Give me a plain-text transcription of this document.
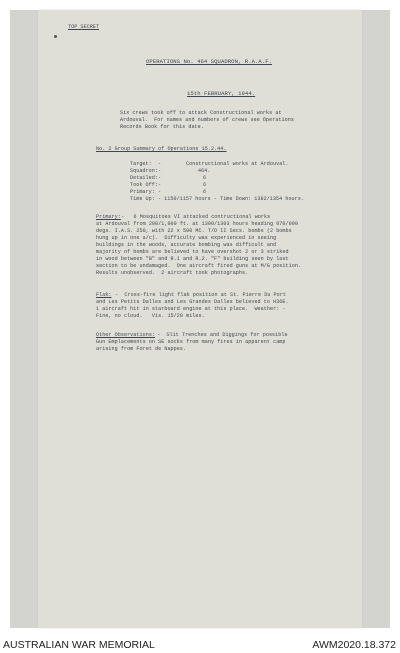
TOP SECRET
OPERATIONS No. 464 SQUADRON, R.A.A.F.
15th FEBRUARY, 1944.
Six crews took off to attack Constructional works at
Ardouval.  For names and numbers of crews see Operations
Records Book for this date.
No. 2 Group Summary of Operations 15.2.44.
Target:  -	Constructional works at Ardouval.
Squadron:-	464.
Detailed:-	6
Took Off:-	6
Primary: -	6
Time Up: - 1150/1157 hours - Time Down: 1382/1354 hours.
Primary:
-   6 Mosquitoes VI attacked contructional works
at Ardouval from 200/1,000 ft. at 1300/1303 hours heading 070/090
degs. I.A.S. 250, with 22 x 500 MC. T/D II Secs. bombs (2 bombs
hung up in one a/c).  Difficulty was experienced in seeing
buildings in the woods, accurate bombing was difficult and
majority of bombs are believed to have overshot 2 or 3 striked
in wood between "B" and R.1 and R.2. "F" building seen by last
section to be undamaged.  One aircraft fired guns at M/G position.
Results unobserved.  2 aircraft took photographs.
Flak: -  Cross-fire light flak position at St. Pierre Du Port
and Les Petits Dalles and Les Grandes Dalles believed to H36E.
1 aircraft hit in starboard engine at this place.  Weather: -
Fine, no cloud.   Vis. 15/20 miles.
Other Observations:
-  Slit Trenches and Diggings for possible
Gun Emplacements on SE socks from many fires in apparent camp
arising from Foret de Nappes.
AUSTRALIAN WAR MEMORIAL	AWM2020.18.372
